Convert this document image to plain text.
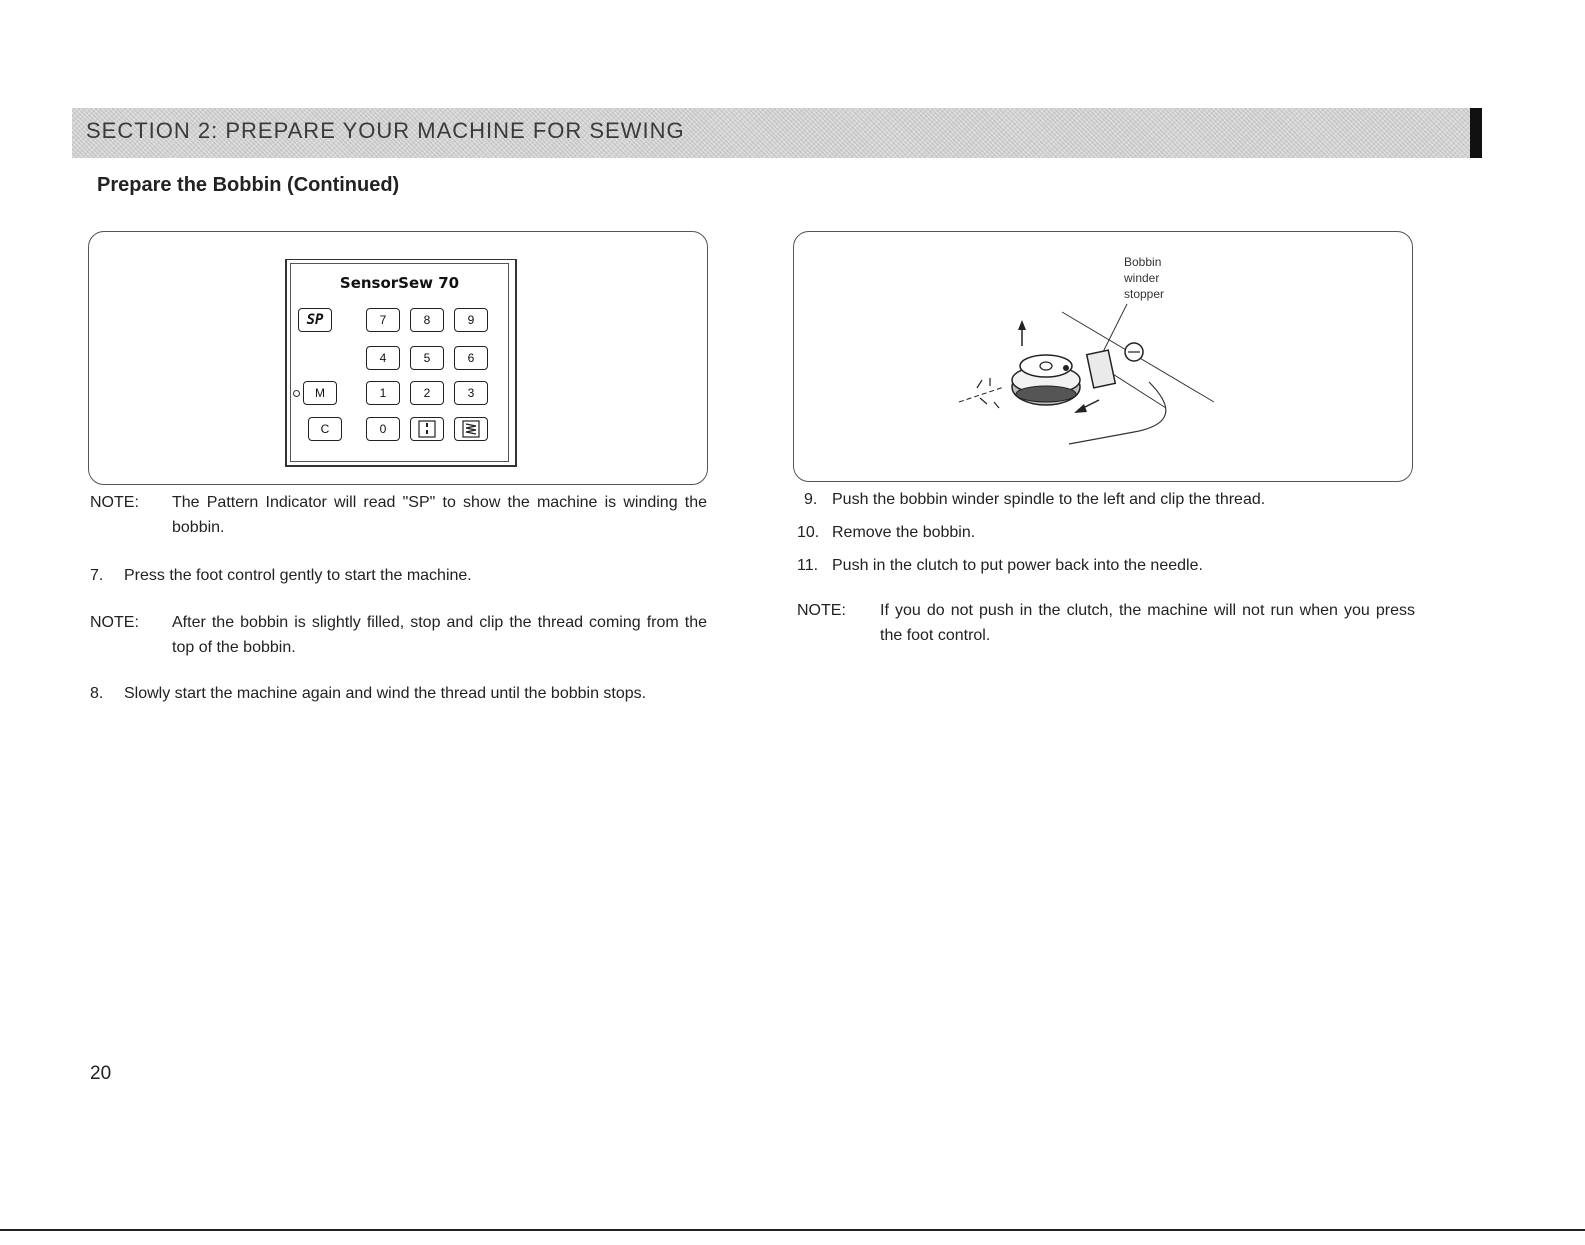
SECTION 2: PREPARE YOUR MACHINE FOR SEWING
Prepare the Bobbin (Continued)
SensorSew 70
SP	7	8	9
4	5	6
M	1	2	3
C	0
Bobbin
winder
stopper
NOTE: The Pattern Indicator will read "SP" to show the machine is winding the bobbin.
7. Press the foot control gently to start the machine.
NOTE: After the bobbin is slightly filled, stop and clip the thread coming from the top of the bobbin.
8. Slowly start the machine again and wind the thread until the bobbin stops.
9. Push the bobbin winder spindle to the left and clip the thread.
10. Remove the bobbin.
11. Push in the clutch to put power back into the needle.
NOTE: If you do not push in the clutch, the machine will not run when you press the foot control.
20
